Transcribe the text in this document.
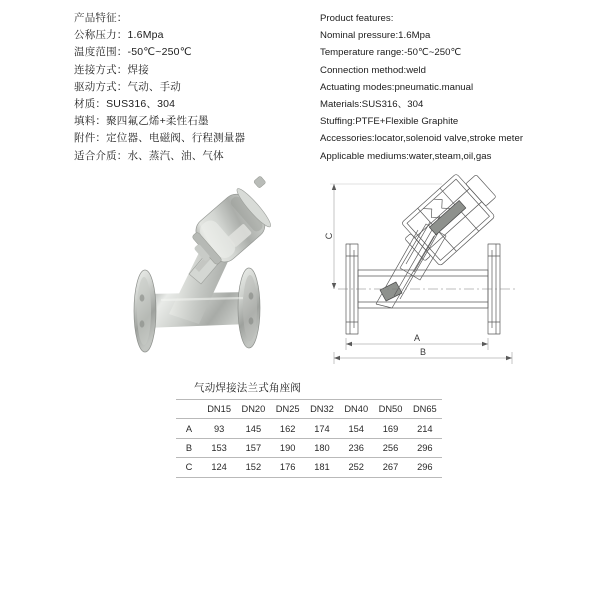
产品特征：
公称压力：1.6Mpa
温度范围：-50℃~250℃
连接方式：焊接
驱动方式：气动、手动
材质：SUS316、304
填料：聚四氟乙烯+柔性石墨
附件：定位器、电磁阀、行程测量器
适合介质：水、蒸汽、油、气体
Product features:
Nominal pressure:1.6Mpa
Temperature range:-50℃~250℃
Connection method:weld
Actuating modes:pneumatic.manual
Materials:SUS316、304
Stuffing:PTFE+Flexible Graphite
Accessories:locator,solenoid valve,stroke meter
Applicable mediums:water,steam,oil,gas
C
A
B
气动焊接法兰式角座阀
	DN15	DN20	DN25	DN32	DN40	DN50	DN65
A	93	145	162	174	154	169	214
B	153	157	190	180	236	256	296
C	124	152	176	181	252	267	296
